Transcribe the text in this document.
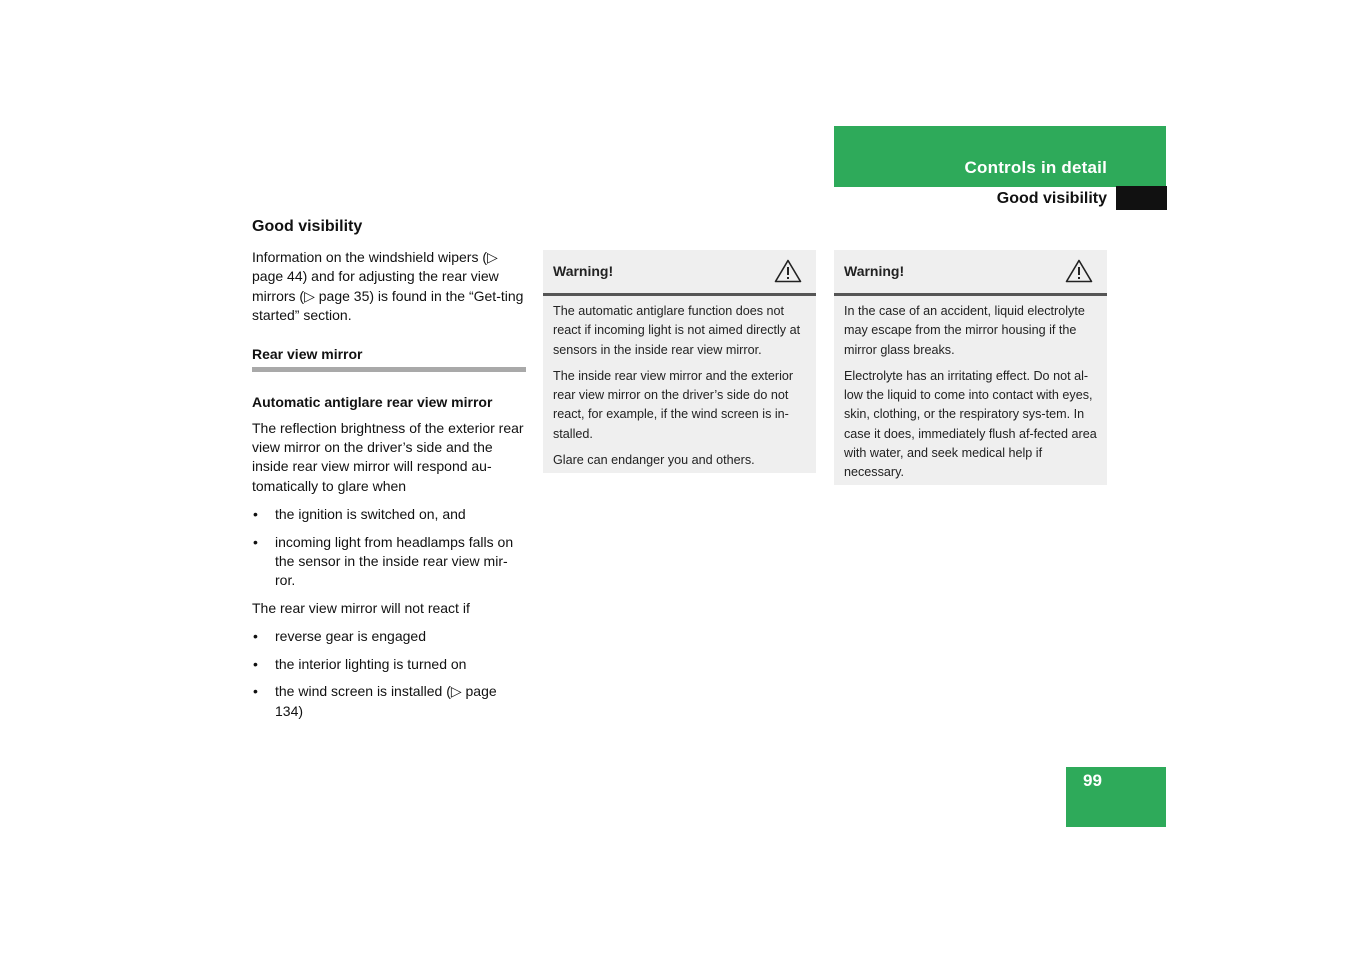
Controls in detail
Good visibility
Good visibility

Information on the windshield wipers (▷ page 44) and for adjusting the rear view mirrors (▷ page 35) is found in the “Get-ting started” section.

Rear view mirror
Automatic antiglare rear view mirror

The reflection brightness of the exterior rear view mirror on the driver’s side and the inside rear view mirror will respond au-tomatically to glare when

• the ignition is switched on, and
• incoming light from headlamps falls on the sensor in the inside rear view mir-ror.

The rear view mirror will not react if

• reverse gear is engaged
• the interior lighting is turned on
• the wind screen is installed (▷ page 134)
Warning!

The automatic antiglare function does not react if incoming light is not aimed directly at sensors in the inside rear view mirror.

The inside rear view mirror and the exterior rear view mirror on the driver’s side do not react, for example, if the wind screen is in-stalled.

Glare can endanger you and others.

Warning!

In the case of an accident, liquid electrolyte may escape from the mirror housing if the mirror glass breaks.

Electrolyte has an irritating effect. Do not al-low the liquid to come into contact with eyes, skin, clothing, or the respiratory sys-tem. In case it does, immediately flush af-fected area with water, and seek medical help if necessary.

99
